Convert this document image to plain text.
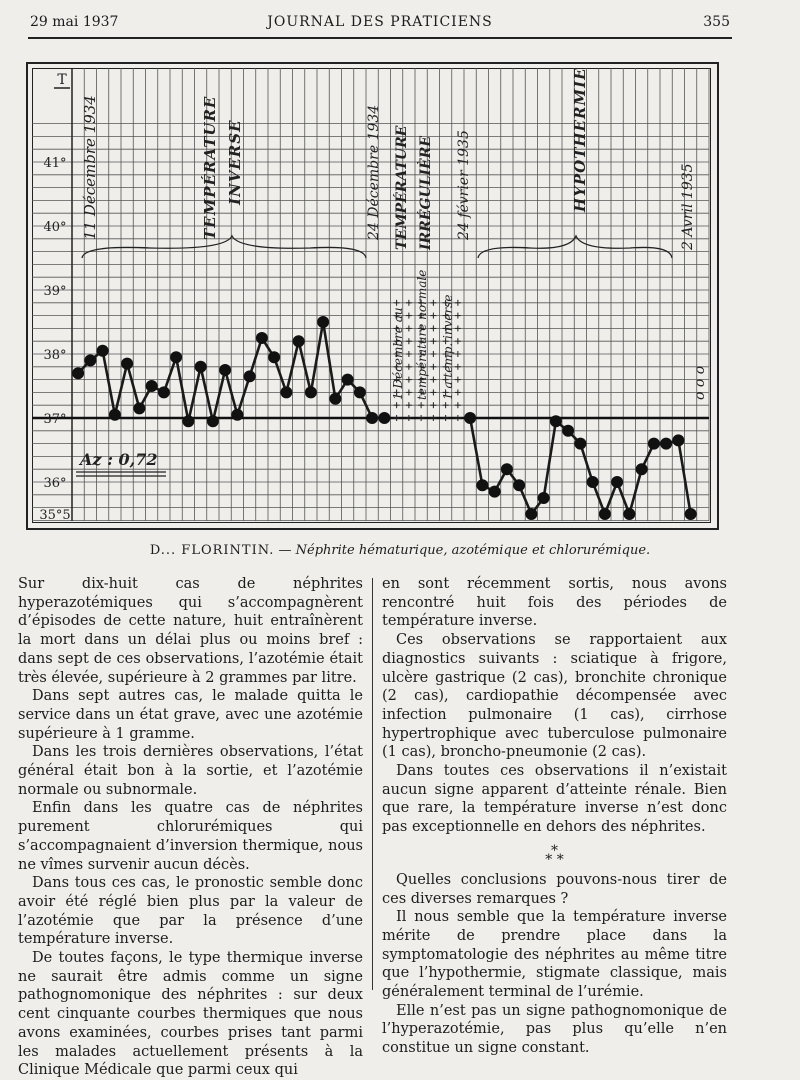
29 mai 1937	JOURNAL DES PRATICIENS	355
41°
40°
39°
38°
37°
36°
35°5
T
11 Décembre 1934	TEMPÉRATURE INVERSE	24 Décembre 1934 TEMPÉRATURE IRRÉGULIÈRE
1 Décembre au température normale 1 a temp. inverse
24 février 1935	HYPOTHERMIE	2 Avril 1935
o o o
Az : 0,72
D... FLORINTIN. — Néphrite hématurique, azotémique et chlorurémique.

Sur dix-huit cas de néphrites hyperazotémiques qui s’accompagnèrent d’épisodes de cette nature, huit entraînèrent la mort dans un délai plus ou moins bref : dans sept de ces observations, l’azotémie était très élevée, supérieure à 2 grammes par litre.

Dans sept autres cas, le malade quitta le service dans un état grave, avec une azotémie supérieure à 1 gramme.

Dans les trois dernières observations, l’état général était bon à la sortie, et l’azotémie normale ou subnormale.

Enfin dans les quatre cas de néphrites purement chlorurémiques qui s’accompagnaient d’inversion thermique, nous ne vîmes survenir aucun décès.

Dans tous ces cas, le pronostic semble donc avoir été réglé bien plus par la valeur de l’azotémie que par la présence d’une température inverse.

De toutes façons, le type thermique inverse ne saurait être admis comme un signe pathognomonique des néphrites : sur deux cent cinquante courbes thermiques que nous avons examinées, courbes prises tant parmi les malades actuellement présents à la Clinique Médicale que parmi ceux qui

en sont récemment sortis, nous avons rencontré huit fois des périodes de température inverse.

Ces observations se rapportaient aux diagnostics suivants : sciatique à frigore, ulcère gastrique (2 cas), bronchite chronique (2 cas), cardiopathie décompensée avec infection pulmonaire (1 cas), cirrhose hypertrophique avec tuberculose pulmonaire (1 cas), broncho-pneumonie (2 cas).

Dans toutes ces observations il n’existait aucun signe apparent d’atteinte rénale. Bien que rare, la température inverse n’est donc pas exceptionnelle en dehors des néphrites.

*
* *

Quelles conclusions pouvons-nous tirer de ces diverses remarques ?

Il nous semble que la température inverse mérite de prendre place dans la symptomatologie des néphrites au même titre que l’hypothermie, stigmate classique, mais généralement terminal de l’urémie.

Elle n’est pas un signe pathognomonique de l’hyperazotémie, pas plus qu’elle n’en constitue un signe constant.
